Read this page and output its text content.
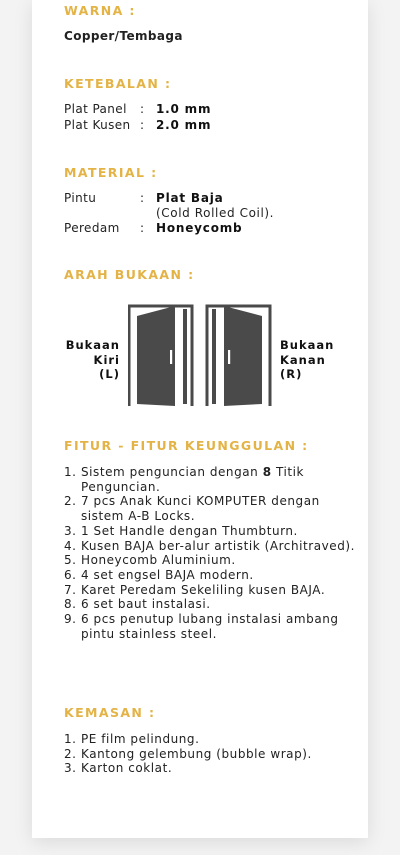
WARNA :
Copper/Tembaga
KETEBALAN :
Plat Panel : 1.0 mm
Plat Kusen : 2.0 mm
MATERIAL :
Pintu	: Plat Baja
(Cold Rolled Coil).
Peredam : Honeycomb
ARAH BUKAAN :
Bukaan
Kiri
(L)
Bukaan
Kanan
(R)
FITUR - FITUR KEUNGGULAN :
1. Sistem penguncian dengan 8 Titik Penguncian.
2. 7 pcs Anak Kunci KOMPUTER dengan sistem A-B Locks.
3. 1 Set Handle dengan Thumbturn.
4. Kusen BAJA ber-alur artistik (Architraved).
5. Honeycomb Aluminium.
6. 4 set engsel BAJA modern.
7. Karet Peredam Sekeliling kusen BAJA.
8. 6 set baut instalasi.
9. 6 pcs penutup lubang instalasi ambang pintu stainless steel.
KEMASAN :
1. PE film pelindung.
2. Kantong gelembung (bubble wrap).
3. Karton coklat.
